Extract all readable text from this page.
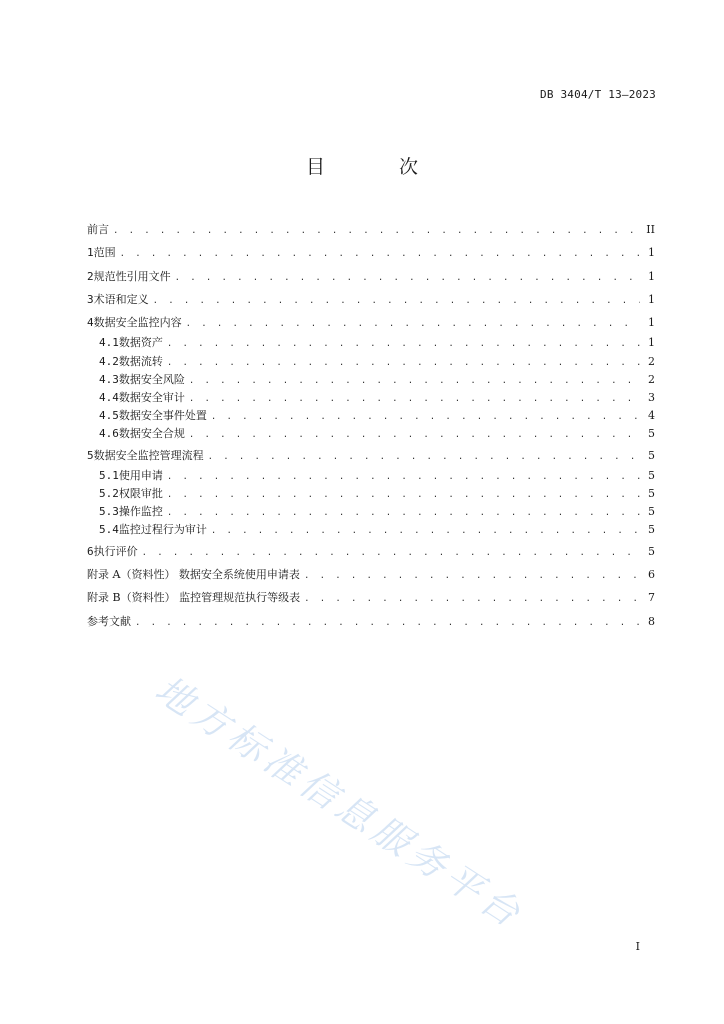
DB 3404/T 13—2023
目 次
前言 . . .	II
1 范围 . . .	1
2 规范性引用文件 . . .	1
3 术语和定义 . . .	1
4 数据安全监控内容 . . .	1
4.1 数据资产 . . .	1
4.2 数据流转 . . .	2
4.3 数据安全风险 . . .	2
4.4 数据安全审计 . . .	3
4.5 数据安全事件处置 . . .	4
4.6 数据安全合规 . . .	5
5 数据安全监控管理流程 . . .	5
5.1 使用申请 . . .	5
5.2 权限审批 . . .	5
5.3 操作监控 . . .	5
5.4 监控过程行为审计 . . .	5
6 执行评价 . . .	5
附录 A（资料性） 数据安全系统使用申请表 . . .	6
附录 B（资料性） 监控管理规范执行等级表 . . .	7
参考文献 . . .	8
地方标准信息服务平台
I
